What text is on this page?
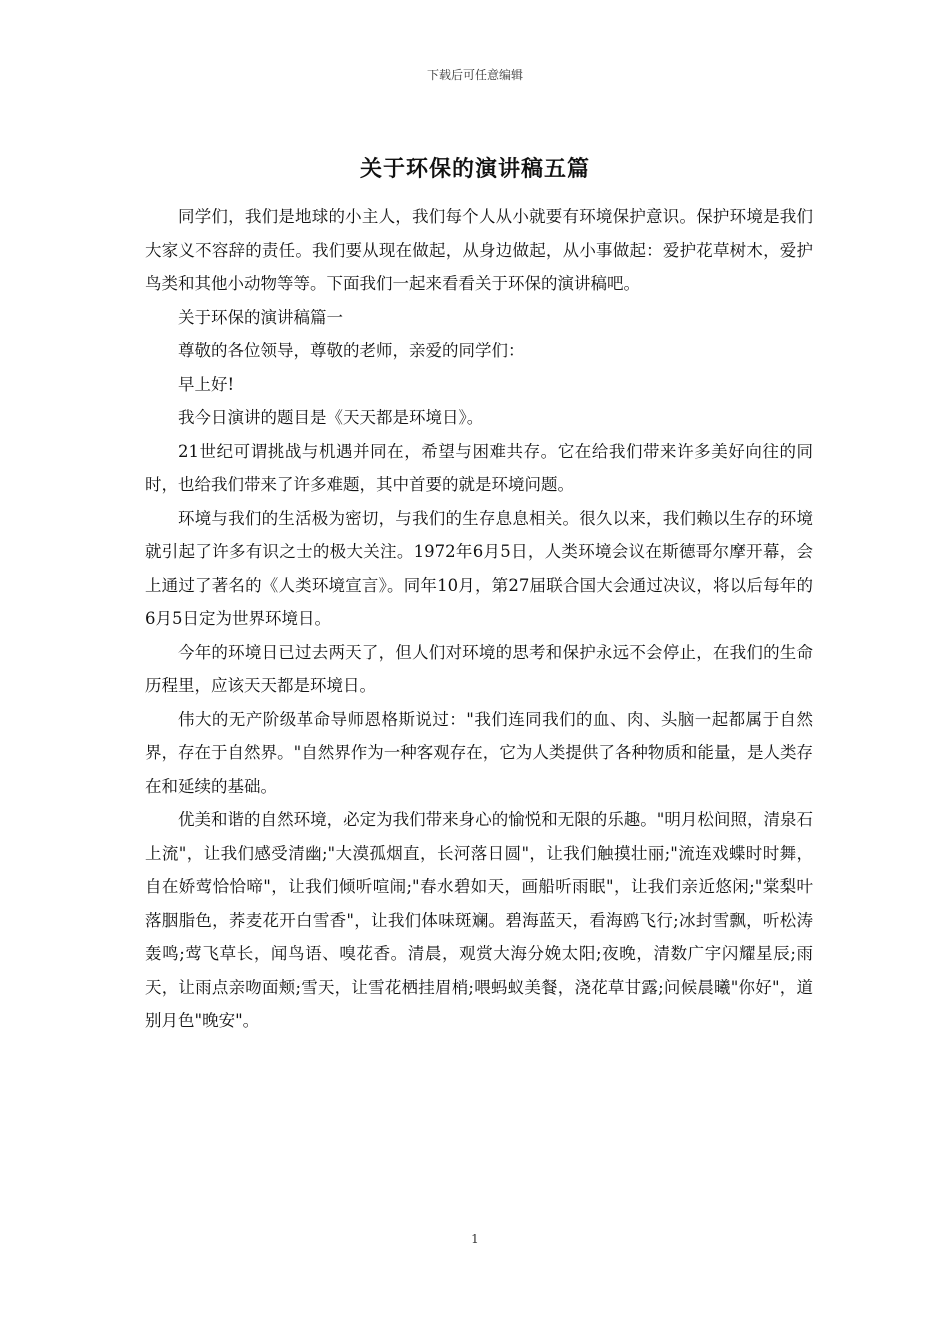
下载后可任意编辑
关于环保的演讲稿五篇

同学们，我们是地球的小主人，我们每个人从小就要有环境保护意识。保护环境是我们大家义不容辞的责任。我们要从现在做起，从身边做起，从小事做起：爱护花草树木，爱护鸟类和其他小动物等等。下面我们一起来看看关于环保的演讲稿吧。

关于环保的演讲稿篇一

尊敬的各位领导，尊敬的老师，亲爱的同学们：

早上好!

我今日演讲的题目是《天天都是环境日》。

21世纪可谓挑战与机遇并同在，希望与困难共存。它在给我们带来许多美好向往的同时，也给我们带来了许多难题，其中首要的就是环境问题。

环境与我们的生活极为密切，与我们的生存息息相关。很久以来，我们赖以生存的环境就引起了许多有识之士的极大关注。1972年6月5日，人类环境会议在斯德哥尔摩开幕，会上通过了著名的《人类环境宣言》。同年10月，第27届联合国大会通过决议，将以后每年的6月5日定为世界环境日。

今年的环境日已过去两天了，但人们对环境的思考和保护永远不会停止，在我们的生命历程里，应该天天都是环境日。

伟大的无产阶级革命导师恩格斯说过："我们连同我们的血、肉、头脑一起都属于自然界，存在于自然界。"自然界作为一种客观存在，它为人类提供了各种物质和能量，是人类存在和延续的基础。

优美和谐的自然环境，必定为我们带来身心的愉悦和无限的乐趣。"明月松间照，清泉石上流"，让我们感受清幽;"大漠孤烟直，长河落日圆"，让我们触摸壮丽;"流连戏蝶时时舞，自在娇莺恰恰啼"，让我们倾听喧闹;"春水碧如天，画船听雨眠"，让我们亲近悠闲;"棠梨叶落胭脂色，荞麦花开白雪香"，让我们体味斑斓。碧海蓝天，看海鸥飞行;冰封雪飘，听松涛轰鸣;莺飞草长，闻鸟语、嗅花香。清晨，观赏大海分娩太阳;夜晚，清数广宇闪耀星辰;雨天，让雨点亲吻面颊;雪天，让雪花栖挂眉梢;喂蚂蚁美餐，浇花草甘露;问候晨曦"你好"，道别月色"晚安"。

1
